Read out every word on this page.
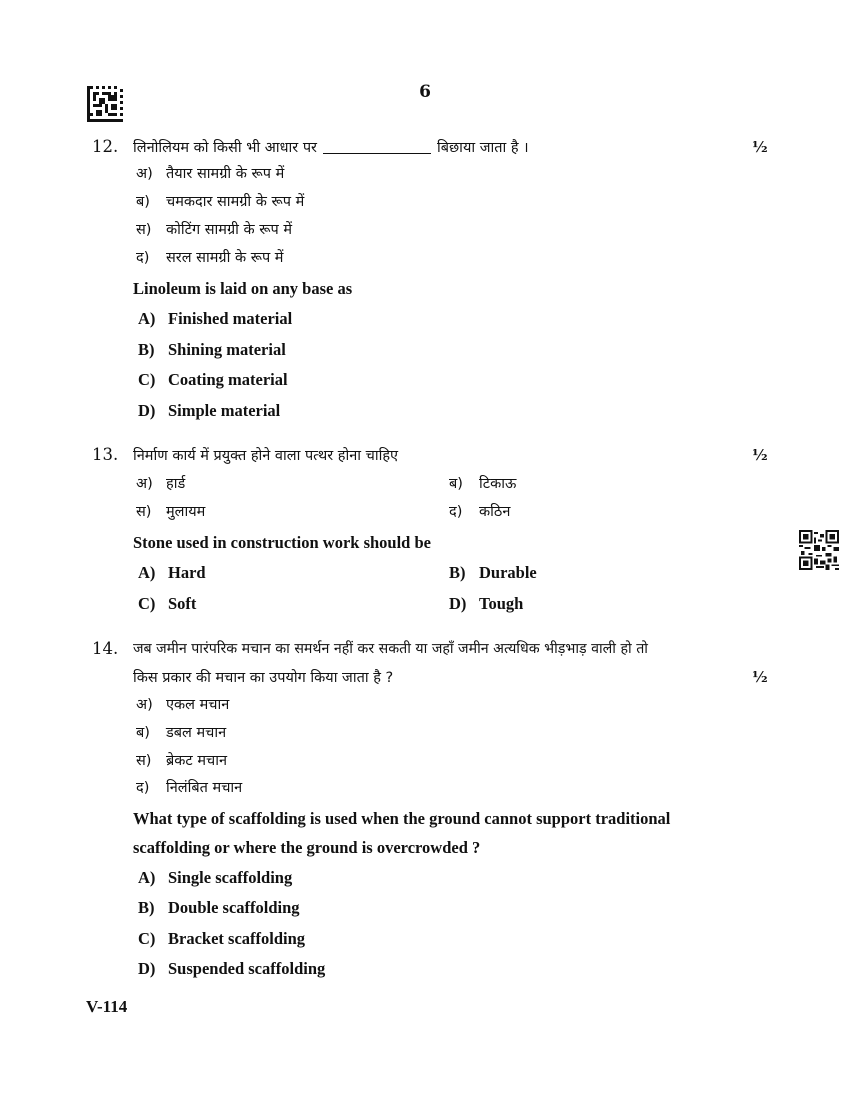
6
12. लिनोलियम को किसी भी आधार पर	बिछाया जाता है ।	½
अ) तैयार सामग्री के रूप में
ब) चमकदार सामग्री के रूप में
स) कोटिंग सामग्री के रूप में
द) सरल सामग्री के रूप में
Linoleum is laid on any base as
A) Finished material
B) Shining material
C) Coating material
D) Simple material
13. निर्माण कार्य में प्रयुक्त होने वाला पत्थर होना चाहिए	½
अ) हार्ड	ब) टिकाऊ
स) मुलायम	द) कठिन
Stone used in construction work should be
A) Hard	B) Durable
C) Soft	D) Tough
14. जब जमीन पारंपरिक मचान का समर्थन नहीं कर सकती या जहाँ जमीन अत्यधिक भीड़भाड़ वाली हो तो
किस प्रकार की मचान का उपयोग किया जाता है ?	½
अ) एकल मचान
ब) डबल मचान
स) ब्रेकट मचान
द) निलंबित मचान
What type of scaffolding is used when the ground cannot support traditional
scaffolding or where the ground is overcrowded ?
A) Single scaffolding
B) Double scaffolding
C) Bracket scaffolding
D) Suspended scaffolding
V-114
